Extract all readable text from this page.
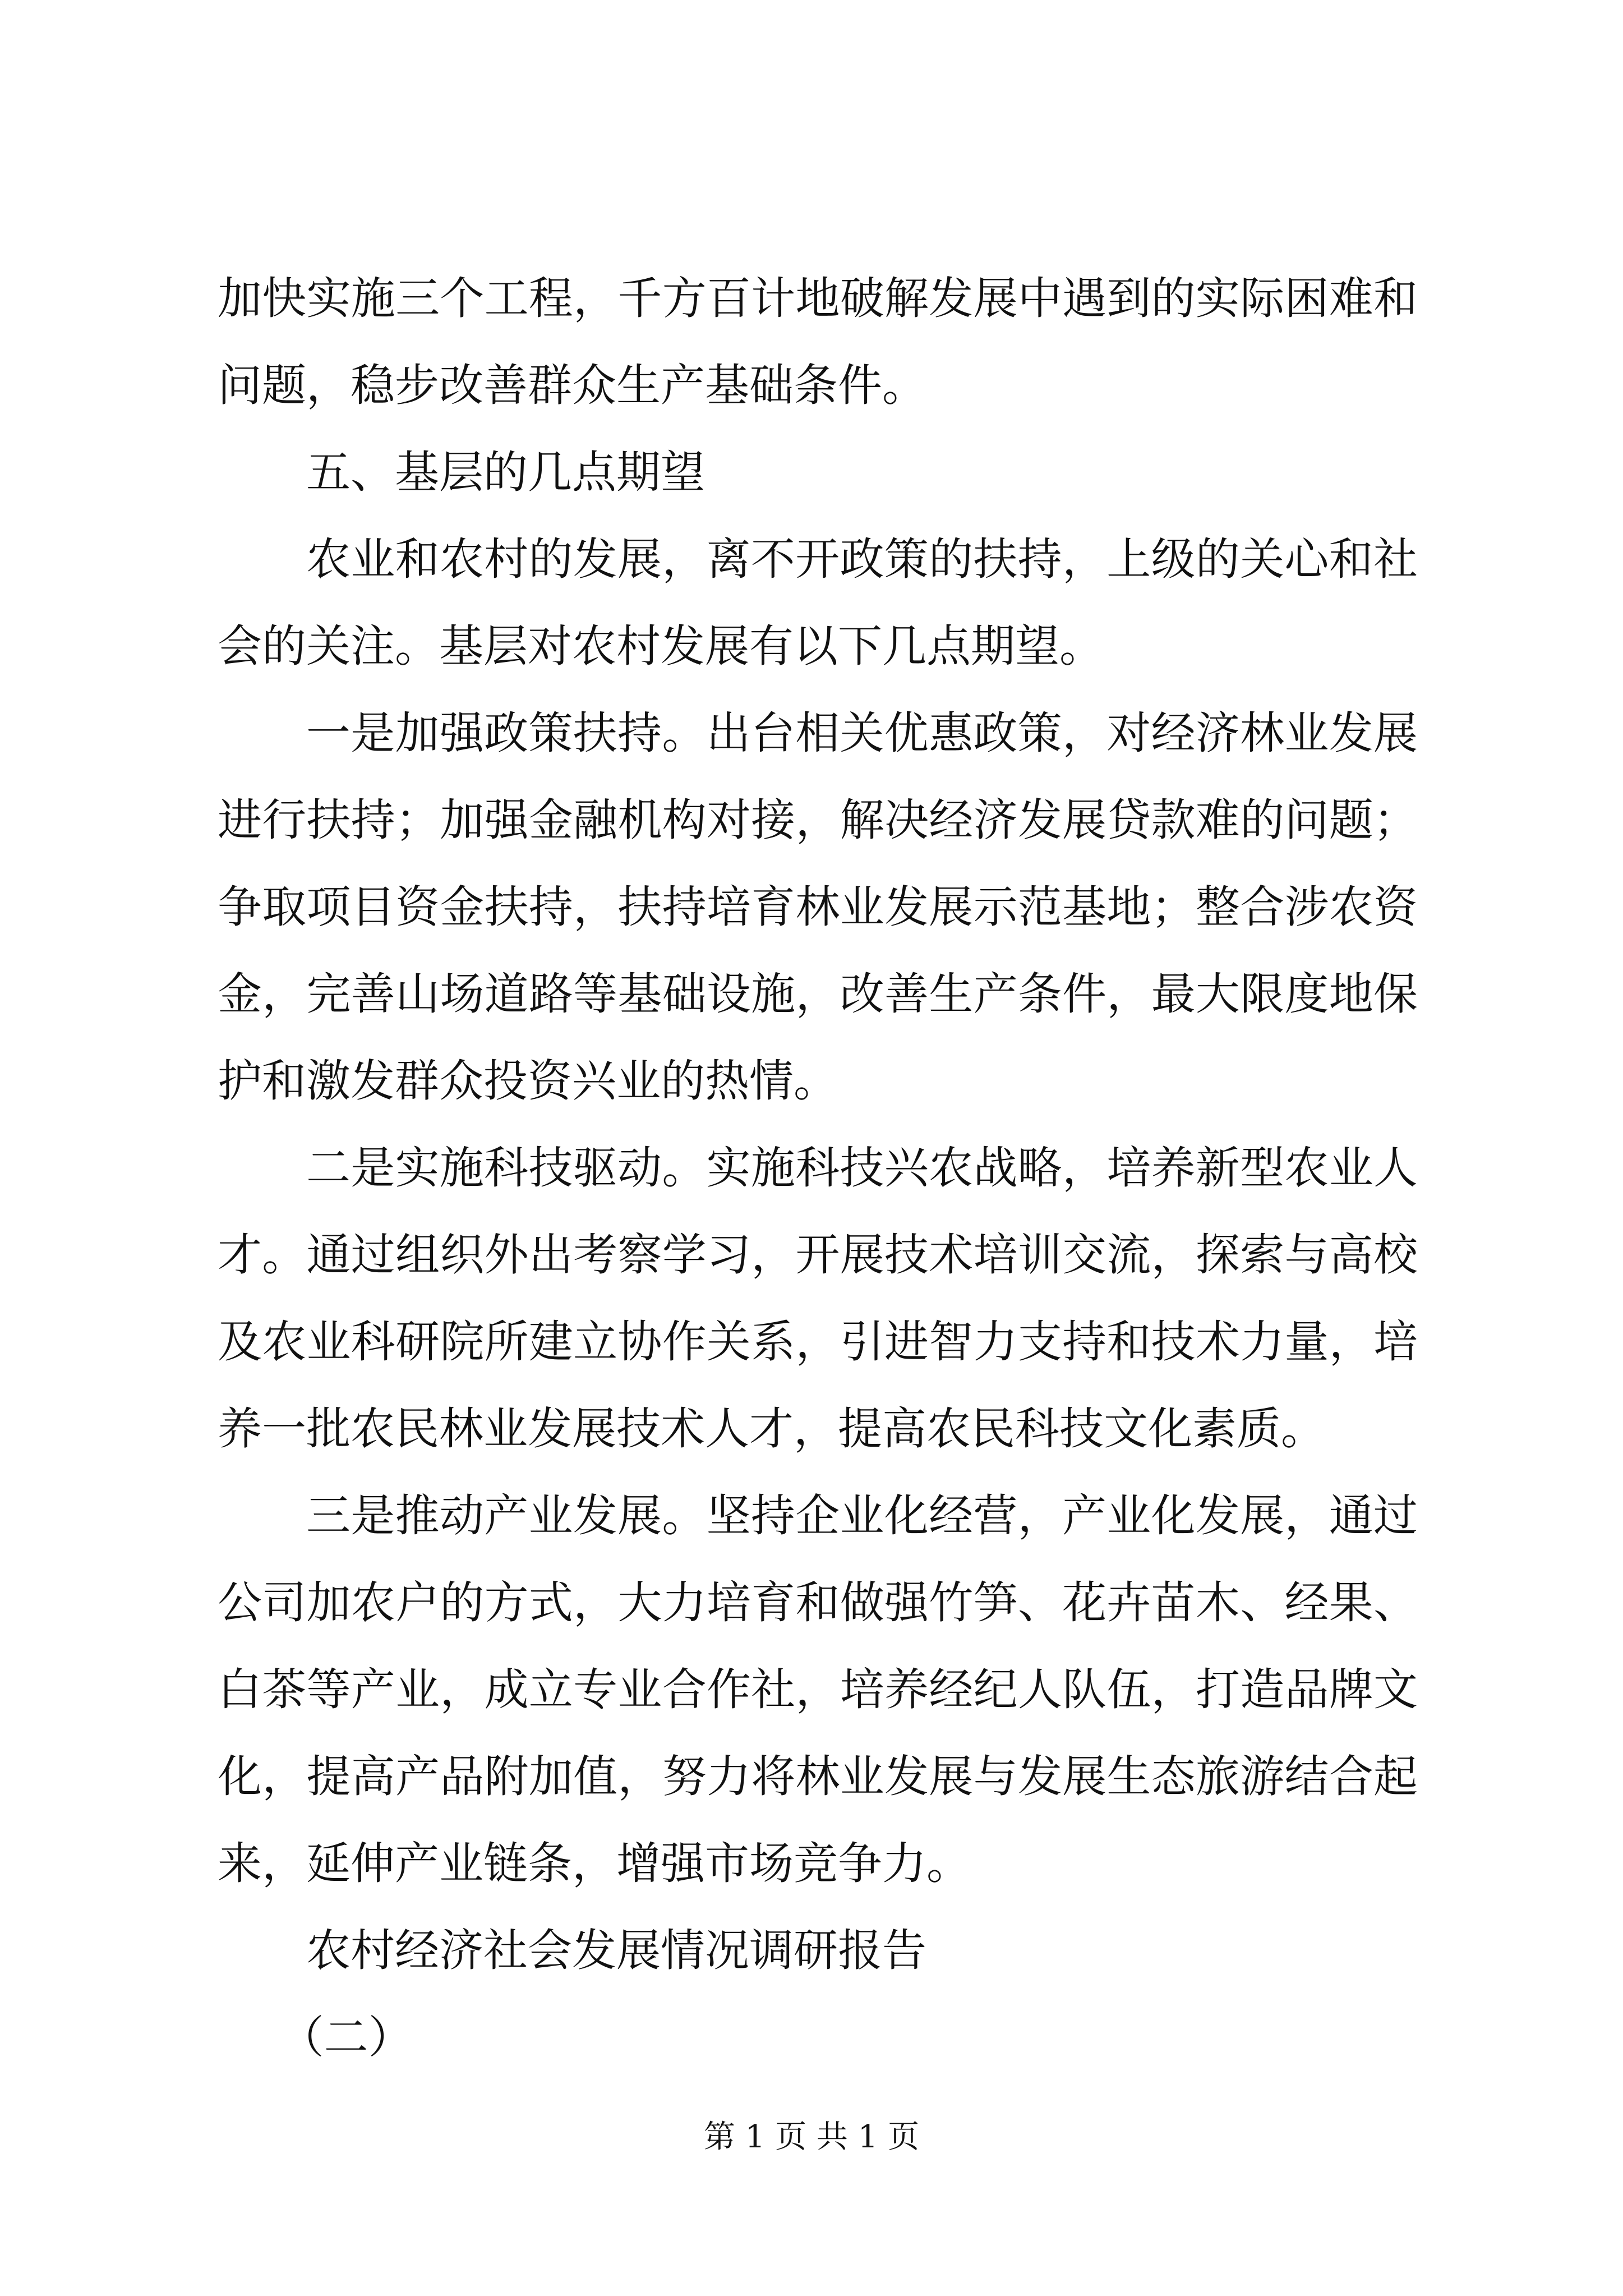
加快实施三个工程，千方百计地破解发展中遇到的实际困难和问题，稳步改善群众生产基础条件。

五、基层的几点期望

农业和农村的发展，离不开政策的扶持，上级的关心和社会的关注。基层对农村发展有以下几点期望。

一是加强政策扶持。出台相关优惠政策，对经济林业发展进行扶持；加强金融机构对接，解决经济发展贷款难的问题；争取项目资金扶持，扶持培育林业发展示范基地；整合涉农资金，完善山场道路等基础设施，改善生产条件，最大限度地保护和激发群众投资兴业的热情。

二是实施科技驱动。实施科技兴农战略，培养新型农业人才。通过组织外出考察学习，开展技术培训交流，探索与高校及农业科研院所建立协作关系，引进智力支持和技术力量，培养一批农民林业发展技术人才，提高农民科技文化素质。

三是推动产业发展。坚持企业化经营，产业化发展，通过公司加农户的方式，大力培育和做强竹笋、花卉苗木、经果、白茶等产业，成立专业合作社，培养经纪人队伍，打造品牌文化，提高产品附加值，努力将林业发展与发展生态旅游结合起来，延伸产业链条，增强市场竞争力。

农村经济社会发展情况调研报告

（二）

第 1 页 共 1 页
